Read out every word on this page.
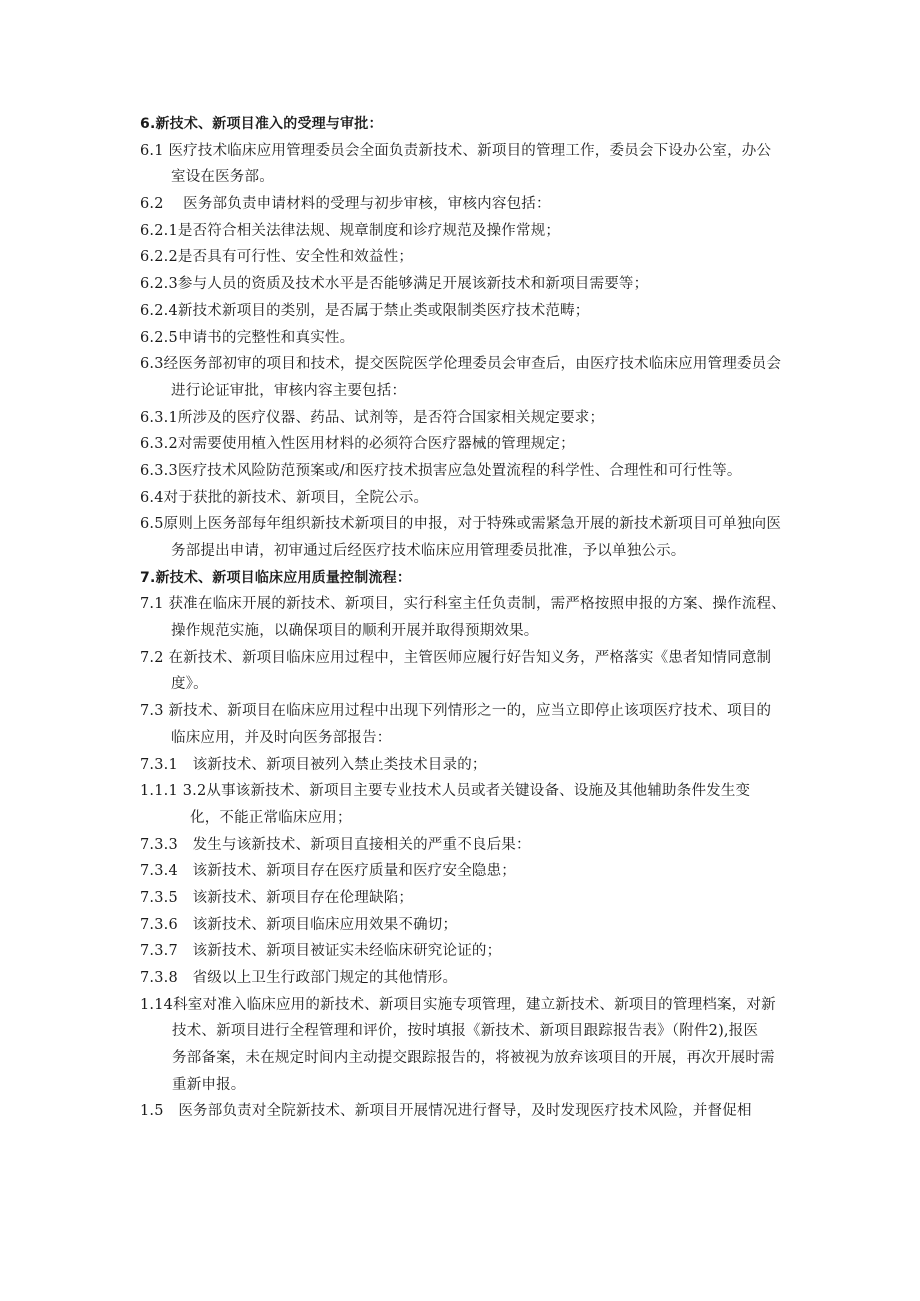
6.新技术、新项目准入的受理与审批：
6.1 医疗技术临床应用管理委员会全面负责新技术、新项目的管理工作，委员会下设办公室，办公
室设在医务部。
6.2　 医务部负责申请材料的受理与初步审核，审核内容包括：
6.2.1是否符合相关法律法规、规章制度和诊疗规范及操作常规；
6.2.2是否具有可行性、安全性和效益性；
6.2.3参与人员的资质及技术水平是否能够满足开展该新技术和新项目需要等；
6.2.4新技术新项目的类别，是否属于禁止类或限制类医疗技术范畴；
6.2.5申请书的完整性和真实性。
6.3经医务部初审的项目和技术，提交医院医学伦理委员会审查后，由医疗技术临床应用管理委员会
进行论证审批，审核内容主要包括：
6.3.1所涉及的医疗仪器、药品、试剂等，是否符合国家相关规定要求；
6.3.2对需要使用植入性医用材料的必须符合医疗器械的管理规定；
6.3.3医疗技术风险防范预案或/和医疗技术损害应急处置流程的科学性、合理性和可行性等。
6.4对于获批的新技术、新项目，全院公示。
6.5原则上医务部每年组织新技术新项目的申报，对于特殊或需紧急开展的新技术新项目可单独向医
务部提出申请，初审通过后经医疗技术临床应用管理委员批准，予以单独公示。
7.新技术、新项目临床应用质量控制流程：
7.1 获准在临床开展的新技术、新项目，实行科室主任负责制，需严格按照申报的方案、操作流程、
操作规范实施，以确保项目的顺利开展并取得预期效果。
7.2 在新技术、新项目临床应用过程中，主管医师应履行好告知义务，严格落实《患者知情同意制
度》。
7.3 新技术、新项目在临床应用过程中出现下列情形之一的，应当立即停止该项医疗技术、项目的
临床应用，并及时向医务部报告：
7.3.1　该新技术、新项目被列入禁止类技术目录的；
1.1.1 3.2从事该新技术、新项目主要专业技术人员或者关键设备、设施及其他辅助条件发生变
化，不能正常临床应用；
7.3.3　发生与该新技术、新项目直接相关的严重不良后果：
7.3.4　该新技术、新项目存在医疗质量和医疗安全隐患；
7.3.5　该新技术、新项目存在伦理缺陷；
7.3.6　该新技术、新项目临床应用效果不确切；
7.3.7　该新技术、新项目被证实未经临床研究论证的；
7.3.8　省级以上卫生行政部门规定的其他情形。
1.14科室对准入临床应用的新技术、新项目实施专项管理，建立新技术、新项目的管理档案，对新
技术、新项目进行全程管理和评价，按时填报《新技术、新项目跟踪报告表》（附件2),报医
务部备案，未在规定时间内主动提交跟踪报告的，将被视为放弃该项目的开展，再次开展时需
重新申报。
1.5　医务部负责对全院新技术、新项目开展情况进行督导，及时发现医疗技术风险，并督促相
